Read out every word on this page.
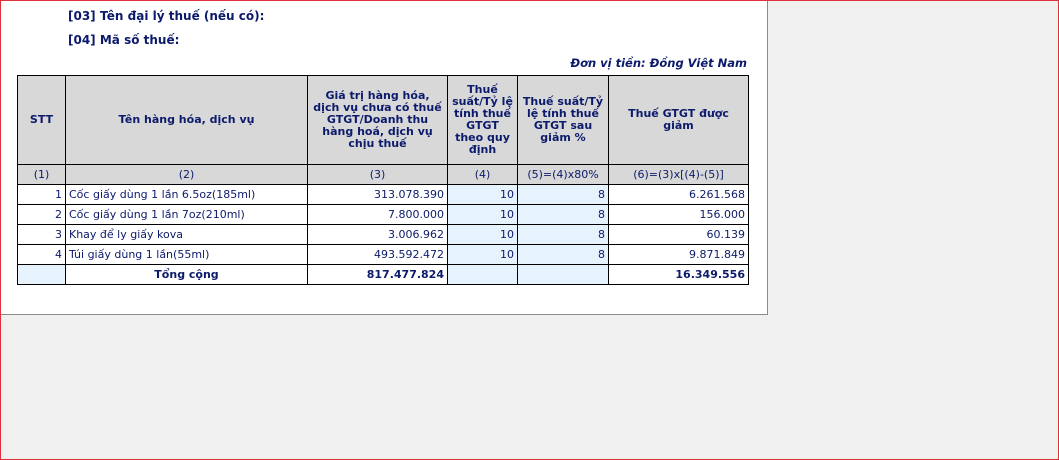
[03] Tên đại lý thuế (nếu có):
[04] Mã số thuế:
Đơn vị tiền: Đồng Việt Nam
STT	Tên hàng hóa, dịch vụ	Giá trị hàng hóa, dịch vụ chưa có thuế GTGT/Doanh thu hàng hoá, dịch vụ chịu thuế	Thuế suất/Tỷ lệ tính thuế GTGT theo quy định	Thuế suất/Tỷ lệ tính thuế GTGT sau giảm %	Thuế GTGT được giảm
(1)	(2)	(3)	(4)	(5)=(4)x80%	(6)=(3)x[(4)-(5)]
1	Cốc giấy dùng 1 lần 6.5oz(185ml)	313.078.390	10	8	6.261.568
2	Cốc giấy dùng 1 lần 7oz(210ml)	7.800.000	10	8	156.000
3	Khay để ly giấy kova	3.006.962	10	8	60.139
4	Túi giấy dùng 1 lần(55ml)	493.592.472	10	8	9.871.849
	Tổng cộng	817.477.824			16.349.556
